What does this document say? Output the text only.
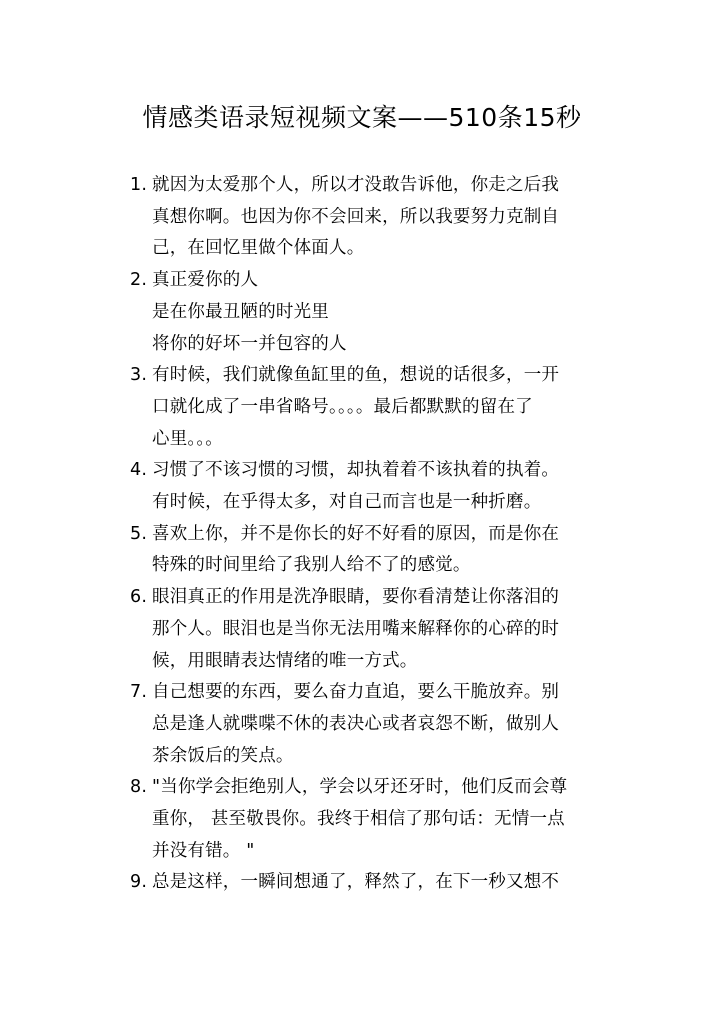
情感类语录短视频文案——510条15秒
1. 就因为太爱那个人，所以才没敢告诉他，你走之后我
真想你啊。也因为你不会回来，所以我要努力克制自
己，在回忆里做个体面人。
2. 真正爱你的人
是在你最丑陋的时光里
将你的好坏一并包容的人
3. 有时候，我们就像鱼缸里的鱼，想说的话很多，一开
口就化成了一串省略号。。。。最后都默默的留在了
心里。。。
4. 习惯了不该习惯的习惯，却执着着不该执着的执着。
有时候，在乎得太多，对自己而言也是一种折磨。
5. 喜欢上你，并不是你长的好不好看的原因，而是你在
特殊的时间里给了我别人给不了的感觉。
6. 眼泪真正的作用是洗净眼睛，要你看清楚让你落泪的
那个人。眼泪也是当你无法用嘴来解释你的心碎的时
候，用眼睛表达情绪的唯一方式。
7. 自己想要的东西，要么奋力直追，要么干脆放弃。别
总是逢人就喋喋不休的表决心或者哀怨不断，做别人
茶余饭后的笑点。
8. "当你学会拒绝别人，学会以牙还牙时，他们反而会尊
重你， 甚至敬畏你。我终于相信了那句话：无情一点
并没有错。 "
9. 总是这样，一瞬间想通了，释然了，在下一秒又想不
